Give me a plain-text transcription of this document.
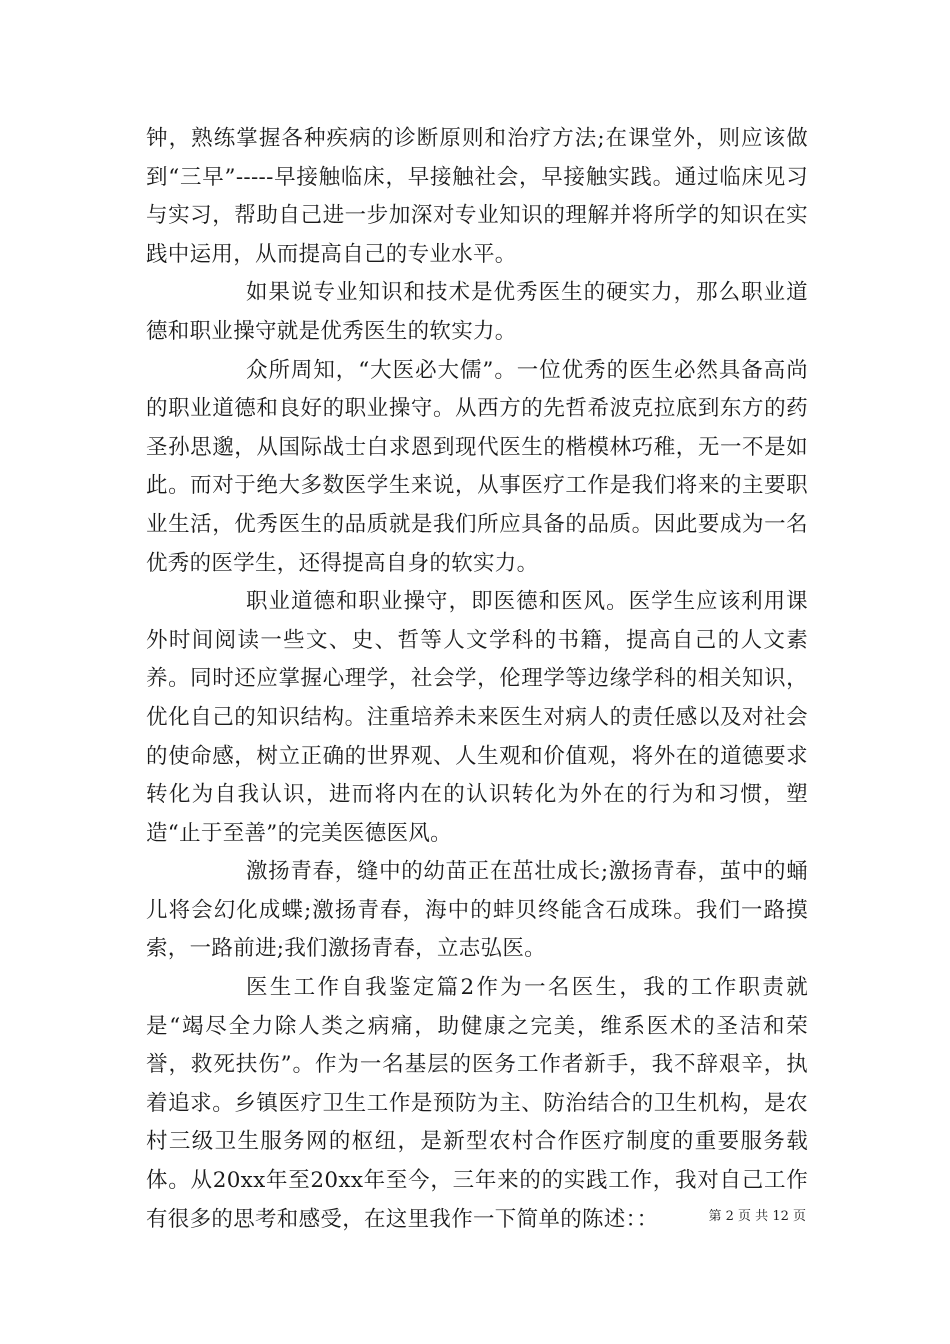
钟，熟练掌握各种疾病的诊断原则和治疗方法;在课堂外，则应该做到“三早”-----早接触临床，早接触社会，早接触实践。通过临床见习与实习，帮助自己进一步加深对专业知识的理解并将所学的知识在实践中运用，从而提高自己的专业水平。

如果说专业知识和技术是优秀医生的硬实力，那么职业道德和职业操守就是优秀医生的软实力。

众所周知，“大医必大儒”。一位优秀的医生必然具备高尚的职业道德和良好的职业操守。从西方的先哲希波克拉底到东方的药圣孙思邈，从国际战士白求恩到现代医生的楷模林巧稚，无一不是如此。而对于绝大多数医学生来说，从事医疗工作是我们将来的主要职业生活，优秀医生的品质就是我们所应具备的品质。因此要成为一名优秀的医学生，还得提高自身的软实力。

职业道德和职业操守，即医德和医风。医学生应该利用课外时间阅读一些文、史、哲等人文学科的书籍，提高自己的人文素养。同时还应掌握心理学，社会学，伦理学等边缘学科的相关知识，优化自己的知识结构。注重培养未来医生对病人的责任感以及对社会的使命感，树立正确的世界观、人生观和价值观，将外在的道德要求转化为自我认识，进而将内在的认识转化为外在的行为和习惯，塑造“止于至善”的完美医德医风。

激扬青春，缝中的幼苗正在茁壮成长;激扬青春，茧中的蛹儿将会幻化成蝶;激扬青春，海中的蚌贝终能含石成珠。我们一路摸索，一路前进;我们激扬青春，立志弘医。

医生工作自我鉴定篇2作为一名医生，我的工作职责就是“竭尽全力除人类之病痛，助健康之完美，维系医术的圣洁和荣誉，救死扶伤”。作为一名基层的医务工作者新手，我不辞艰辛，执着追求。乡镇医疗卫生工作是预防为主、防治结合的卫生机构，是农村三级卫生服务网的枢纽，是新型农村合作医疗制度的重要服务载体。从20xx年至20xx年至今，三年来的的实践工作，我对自己工作有很多的思考和感受，在这里我作一下简单的陈述：：	第 2 页 共 12 页
